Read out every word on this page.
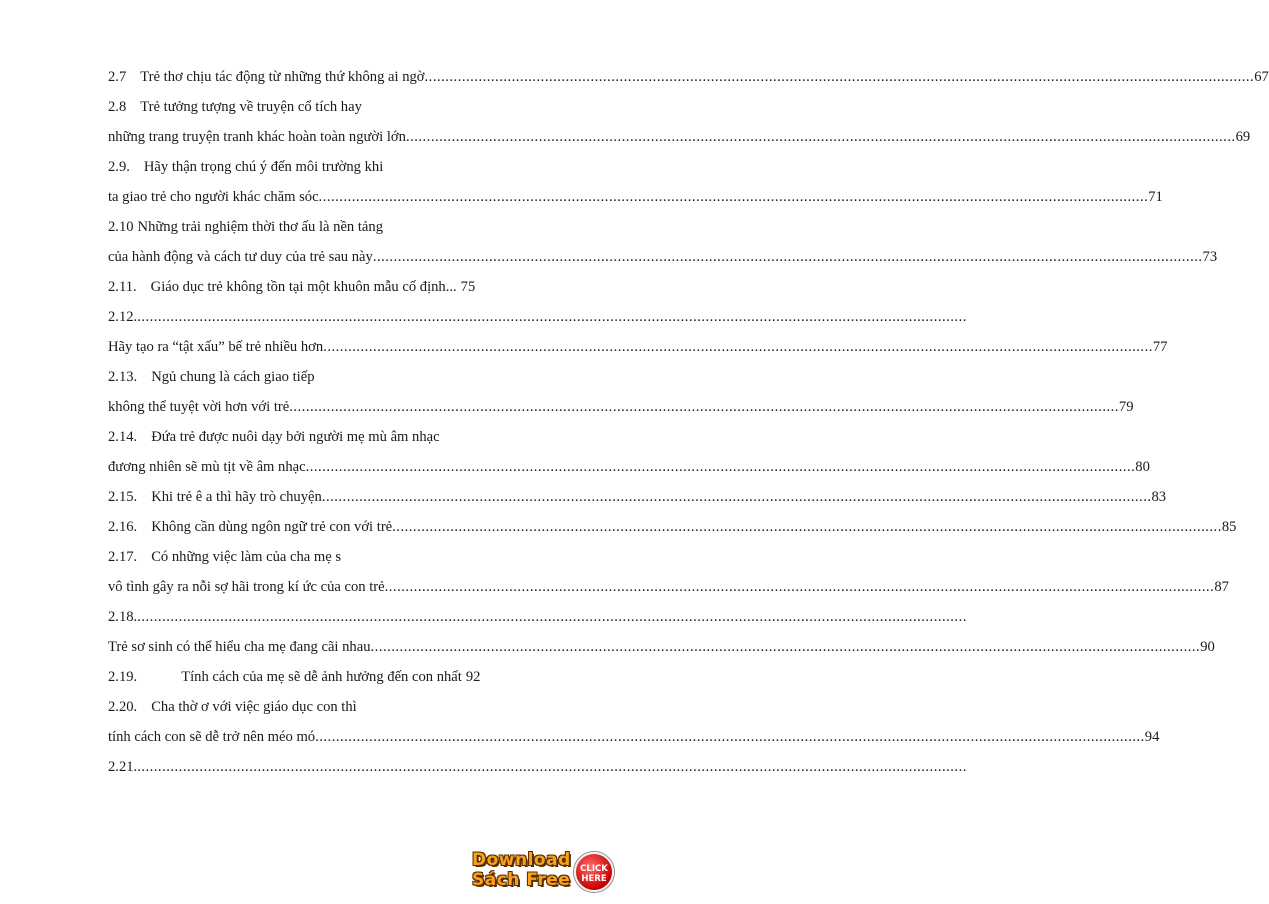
2.7 Trẻ thơ chịu tác động từ những thứ không ai ngờ ........................................................................................................................................................................................................ 67
2.8 Trẻ tưởng tượng về truyện cổ tích hay
những trang truyện tranh khác hoàn toàn người lớn ........................................................................................................................................................................................................ 69
2.9. Hãy thận trọng chú ý đến môi trường khi
ta giao trẻ cho người khác chăm sóc ........................................................................................................................................................................................................ 71
2.10 Những trải nghiệm thời thơ ấu là nền tảng
của hành động và cách tư duy của trẻ sau này ........................................................................................................................................................................................................ 73
2.11. Giáo dục trẻ không tồn tại một khuôn mẫu cố định... 75
2.12. ........................................................................................................................................................................................................
Hãy tạo ra “tật xấu” bế trẻ nhiều hơn ........................................................................................................................................................................................................ 77
2.13. Ngủ chung là cách giao tiếp
không thể tuyệt vời hơn với trẻ ........................................................................................................................................................................................................ 79
2.14. Đứa trẻ được nuôi dạy bởi người mẹ mù âm nhạc
đương nhiên sẽ mù tịt về âm nhạc ........................................................................................................................................................................................................ 80
2.15. Khi trẻ ê a thì hãy trò chuyện ........................................................................................................................................................................................................ 83
2.16. Không cần dùng ngôn ngữ trẻ con với trẻ ........................................................................................................................................................................................................ 85
2.17. Có những việc làm của cha mẹ s
vô tình gây ra nỗi sợ hãi trong kí ức của con trẻ ........................................................................................................................................................................................................ 87
2.18. ........................................................................................................................................................................................................
Trẻ sơ sinh có thể hiểu cha mẹ đang cãi nhau ........................................................................................................................................................................................................ 90
2.19.	Tính cách của mẹ sẽ dễ ảnh hưởng đến con nhất 92
2.20. Cha thờ ơ với việc giáo dục con thì
tính cách con sẽ dễ trở nên méo mó ........................................................................................................................................................................................................ 94
2.21. ........................................................................................................................................................................................................
Download
Sách Free
CLICK
HERE
